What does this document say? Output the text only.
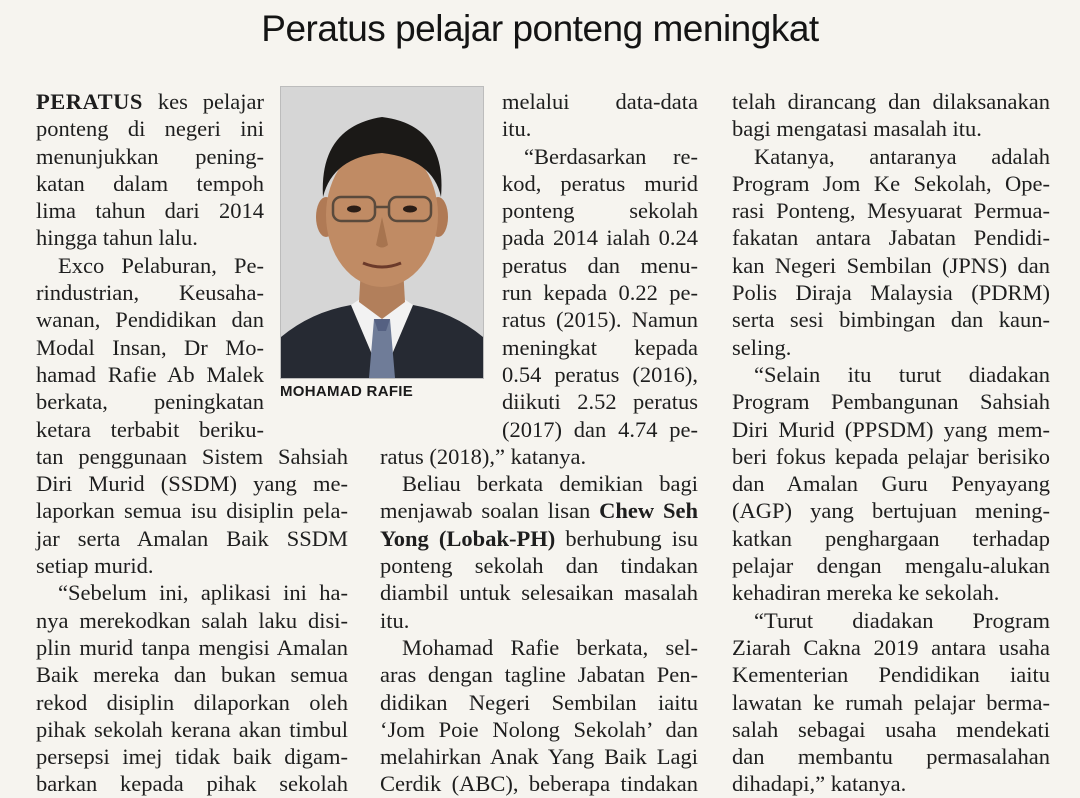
Peratus pelajar ponteng meningkat
PERATUS kes pelajar
ponteng di negeri ini
menunjukkan pening-
katan dalam tempoh
lima tahun dari 2014
hingga tahun lalu.
Exco Pelaburan, Pe-
rindustrian, Keusaha-
wanan, Pendidikan dan
Modal Insan, Dr Mo-
hamad Rafie Ab Malek
berkata, peningkatan
ketara terbabit beriku-
tan penggunaan Sistem Sahsiah
Diri Murid (SSDM) yang me-
laporkan semua isu disiplin pela-
jar serta Amalan Baik SSDM
setiap murid.
“Sebelum ini, aplikasi ini ha-
nya merekodkan salah laku disi-
plin murid tanpa mengisi Amalan
Baik mereka dan bukan semua
rekod disiplin dilaporkan oleh
pihak sekolah kerana akan timbul
persepsi imej tidak baik digam-
barkan kepada pihak sekolah
MOHAMAD RAFIE
melalui data-data
itu.
“Berdasarkan re-
kod, peratus murid
ponteng sekolah
pada 2014 ialah 0.24
peratus dan menu-
run kepada 0.22 pe-
ratus (2015). Namun
meningkat kepada
0.54 peratus (2016),
diikuti 2.52 peratus
(2017) dan 4.74 pe-
ratus (2018),” katanya.
Beliau berkata demikian bagi
menjawab soalan lisan Chew Seh
Yong (Lobak-PH) berhubung isu
ponteng sekolah dan tindakan
diambil untuk selesaikan masalah
itu.
Mohamad Rafie berkata, sel-
aras dengan tagline Jabatan Pen-
didikan Negeri Sembilan iaitu
‘Jom Poie Nolong Sekolah’ dan
melahirkan Anak Yang Baik Lagi
Cerdik (ABC), beberapa tindakan
telah dirancang dan dilaksanakan
bagi mengatasi masalah itu.
Katanya, antaranya adalah
Program Jom Ke Sekolah, Ope-
rasi Ponteng, Mesyuarat Permua-
fakatan antara Jabatan Pendidi-
kan Negeri Sembilan (JPNS) dan
Polis Diraja Malaysia (PDRM)
serta sesi bimbingan dan kaun-
seling.
“Selain itu turut diadakan
Program Pembangunan Sahsiah
Diri Murid (PPSDM) yang mem-
beri fokus kepada pelajar berisiko
dan Amalan Guru Penyayang
(AGP) yang bertujuan mening-
katkan penghargaan terhadap
pelajar dengan mengalu-alukan
kehadiran mereka ke sekolah.
“Turut diadakan Program
Ziarah Cakna 2019 antara usaha
Kementerian Pendidikan iaitu
lawatan ke rumah pelajar berma-
salah sebagai usaha mendekati
dan membantu permasalahan
dihadapi,” katanya.
